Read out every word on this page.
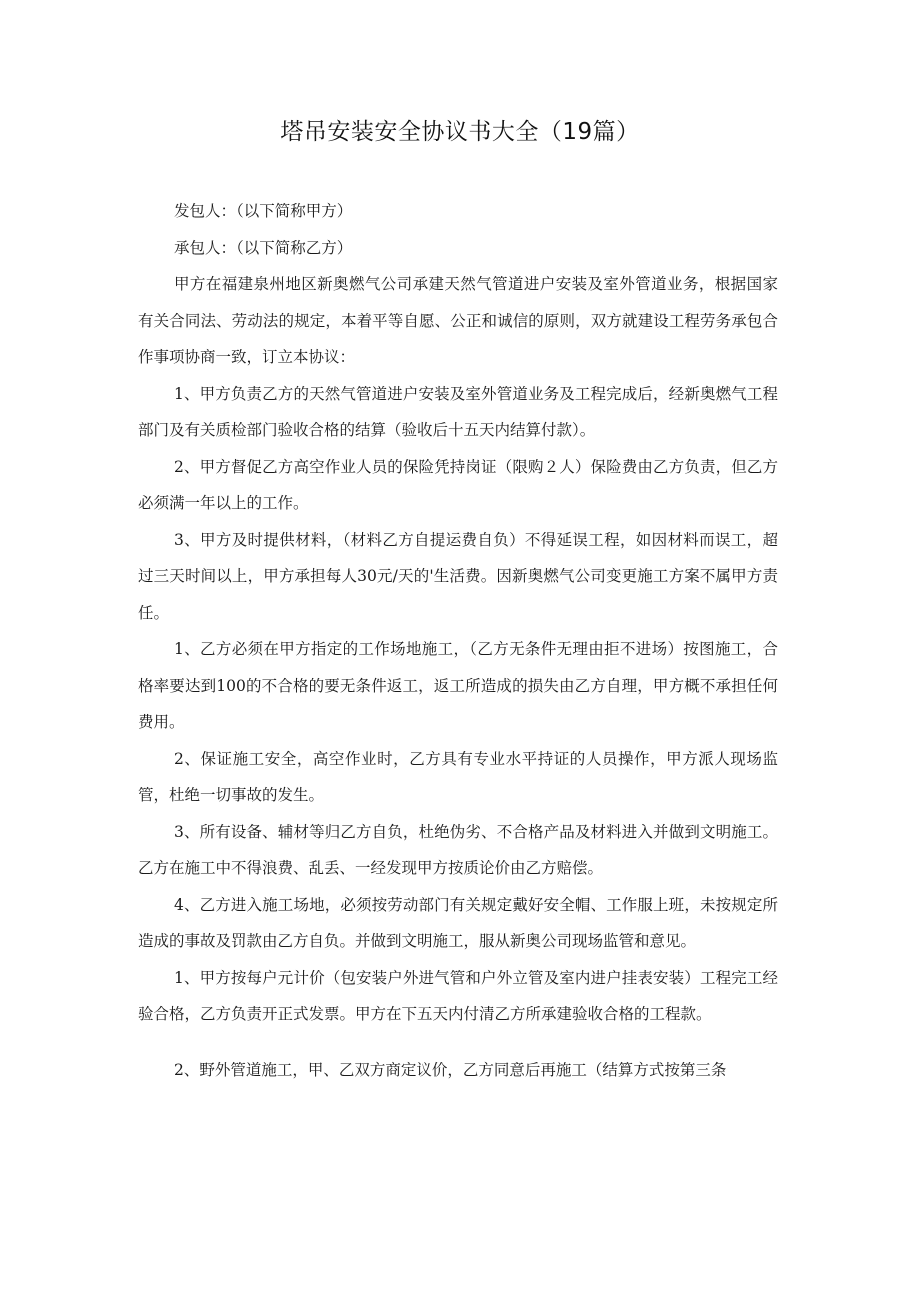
塔吊安装安全协议书大全（19篇）

发包人：（以下简称甲方）

承包人：（以下简称乙方）

甲方在福建泉州地区新奥燃气公司承建天然气管道进户安装及室外管道业务，根据国家有关合同法、劳动法的规定，本着平等自愿、公正和诚信的原则，双方就建设工程劳务承包合作事项协商一致，订立本协议：

1、甲方负责乙方的天然气管道进户安装及室外管道业务及工程完成后，经新奥燃气工程部门及有关质检部门验收合格的结算（验收后十五天内结算付款）。

2、甲方督促乙方高空作业人员的保险凭持岗证（限购２人）保险费由乙方负责，但乙方必须满一年以上的工作。

3、甲方及时提供材料，（材料乙方自提运费自负）不得延误工程，如因材料而误工，超过三天时间以上，甲方承担每人30元/天的'生活费。因新奥燃气公司变更施工方案不属甲方责任。

1、乙方必须在甲方指定的工作场地施工，（乙方无条件无理由拒不进场）按图施工，合格率要达到100的不合格的要无条件返工，返工所造成的损失由乙方自理，甲方概不承担任何费用。

2、保证施工安全，高空作业时，乙方具有专业水平持证的人员操作，甲方派人现场监管，杜绝一切事故的发生。

3、所有设备、辅材等归乙方自负，杜绝伪劣、不合格产品及材料进入并做到文明施工。乙方在施工中不得浪费、乱丢、一经发现甲方按质论价由乙方赔偿。

4、乙方进入施工场地，必须按劳动部门有关规定戴好安全帽、工作服上班，未按规定所造成的事故及罚款由乙方自负。并做到文明施工，服从新奥公司现场监管和意见。

1、甲方按每户元计价（包安装户外进气管和户外立管及室内进户挂表安装）工程完工经验合格，乙方负责开正式发票。甲方在下五天内付清乙方所承建验收合格的工程款。

2、野外管道施工，甲、乙双方商定议价，乙方同意后再施工（结算方式按第三条
